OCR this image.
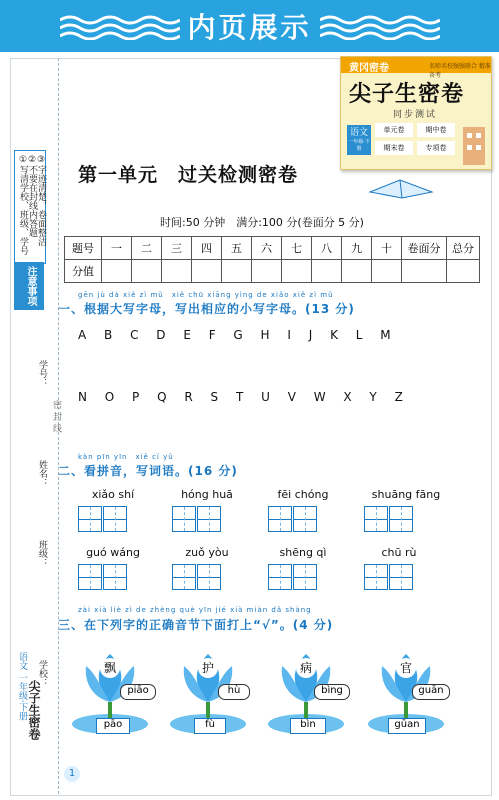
内页展示
①写清学校、班级、学号 ②不要在封线内答题 ③字迹清楚，卷面整洁
注意事项
学号：
姓名：
班级：
学校：
密 封 线
语文 一年级·下册 尖子生密卷
黄冈密卷	名师名校强强联合 精准备考
尖子生密卷
同步测试
语文
一年级·下册
单元卷	期中卷
期末卷	专项卷
第一单元　过关检测密卷
时间:50 分钟　满分:100 分(卷面分 5 分)
题号	一	二	三	四	五	六	七	八	九	十	卷面分	总分
分值												
gēn jù dà xiě zì mǔ　xiě chū xiāng yìng de xiǎo xiě zì mǔ
一、根据大写字母，写出相应的小写字母。(13 分)
A B C D E F G H I J K L M
N O P Q R S T U V W X Y Z
kàn pīn yīn　xiě cí yǔ
二、看拼音，写词语。(16 分)
xiǎo shí	hóng huā	fēi chóng	shuāng fāng
guó wáng	zuǒ yòu	shēng qì	chū rù
zài xià liè zì de zhèng què yīn jié xià miàn dǎ shàng
三、在下列字的正确音节下面打上“√”。(4 分)
飘
piāo
pāo
护
hù
fù
病
bìng
bìn
官
guān
gūan
1
